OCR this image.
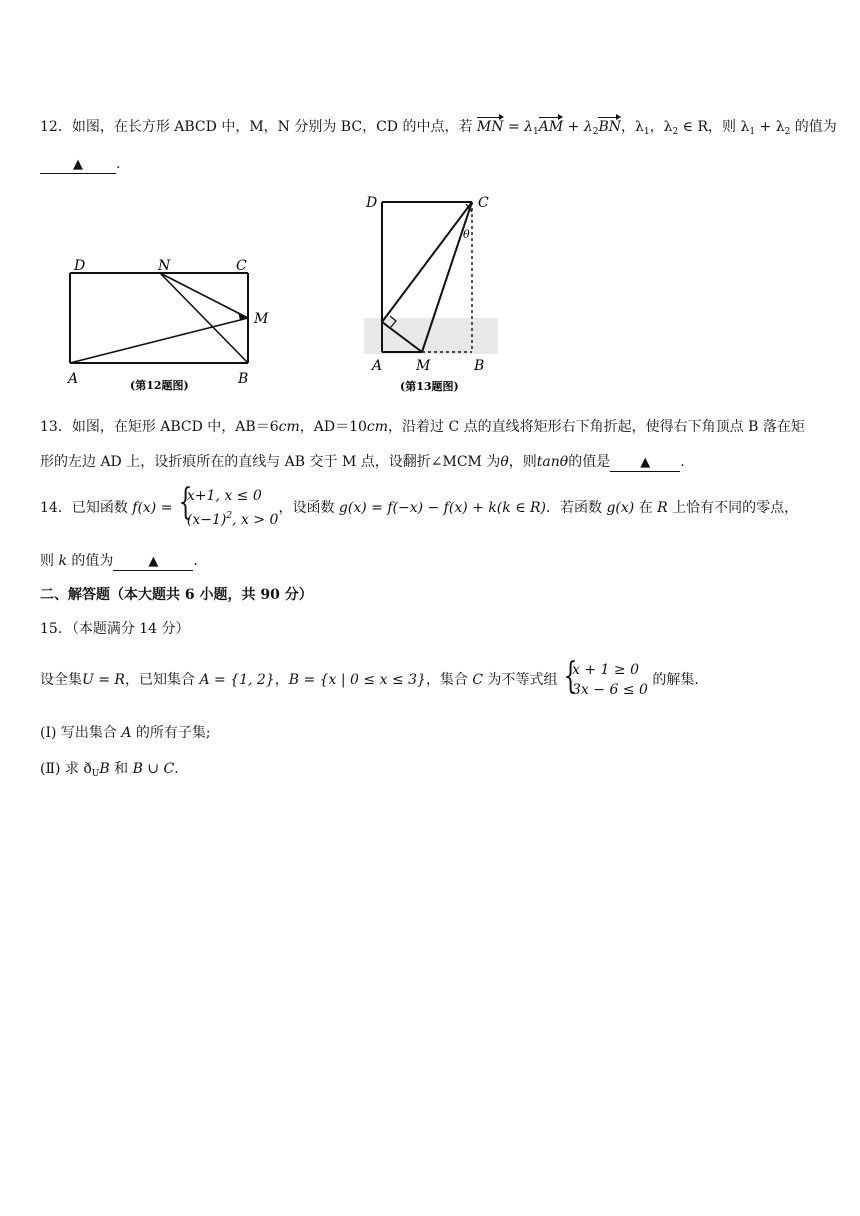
12．如图，在长方形 ABCD 中，M，N 分别为 BC，CD 的中点，若 MN = $\lambda_1AM + \lambda_2BN$，$\lambda_1$，$\lambda_2$ ∈ R，则 $\lambda_1 + \lambda_2$ 的值为
▲ .
D	N	C
M
A	B
(第12题图)
D	C
θ
A M	B
(第13题图)
13．如图，在矩形 ABCD 中，AB＝6cm，AD＝10cm，沿着过 C 点的直线将矩形右下角折起，使得右下角顶点 B 落在矩
形的左边 AD 上，设折痕所在的直线与 AB 交于 M 点，设翻折∠MCM 为θ，则tanθ的值是 ▲ .
14．已知函数 f(x) =
{ x+1, x ≤ 0
$(x-1)^2$, x > 0
，设函数 g(x) = f(−x) − f(x) + k(k ∈ R)．若函数 g(x) 在 R 上恰有不同的零点，
则 k 的值为	▲	.
二、解答题（本大题共 6 小题，共 90 分）
15．（本题满分 14 分）
设全集U = R，已知集合 A = {1, 2}，B = {x | 0 ≤ x ≤ 3}，集合 C 为不等式组
{ x + 1 ≥ 0
3x − 6 ≤ 0
的解集.
(Ⅰ) 写出集合 A 的所有子集;
(Ⅱ) 求 $ð_UB$ 和 B ∪ C.
